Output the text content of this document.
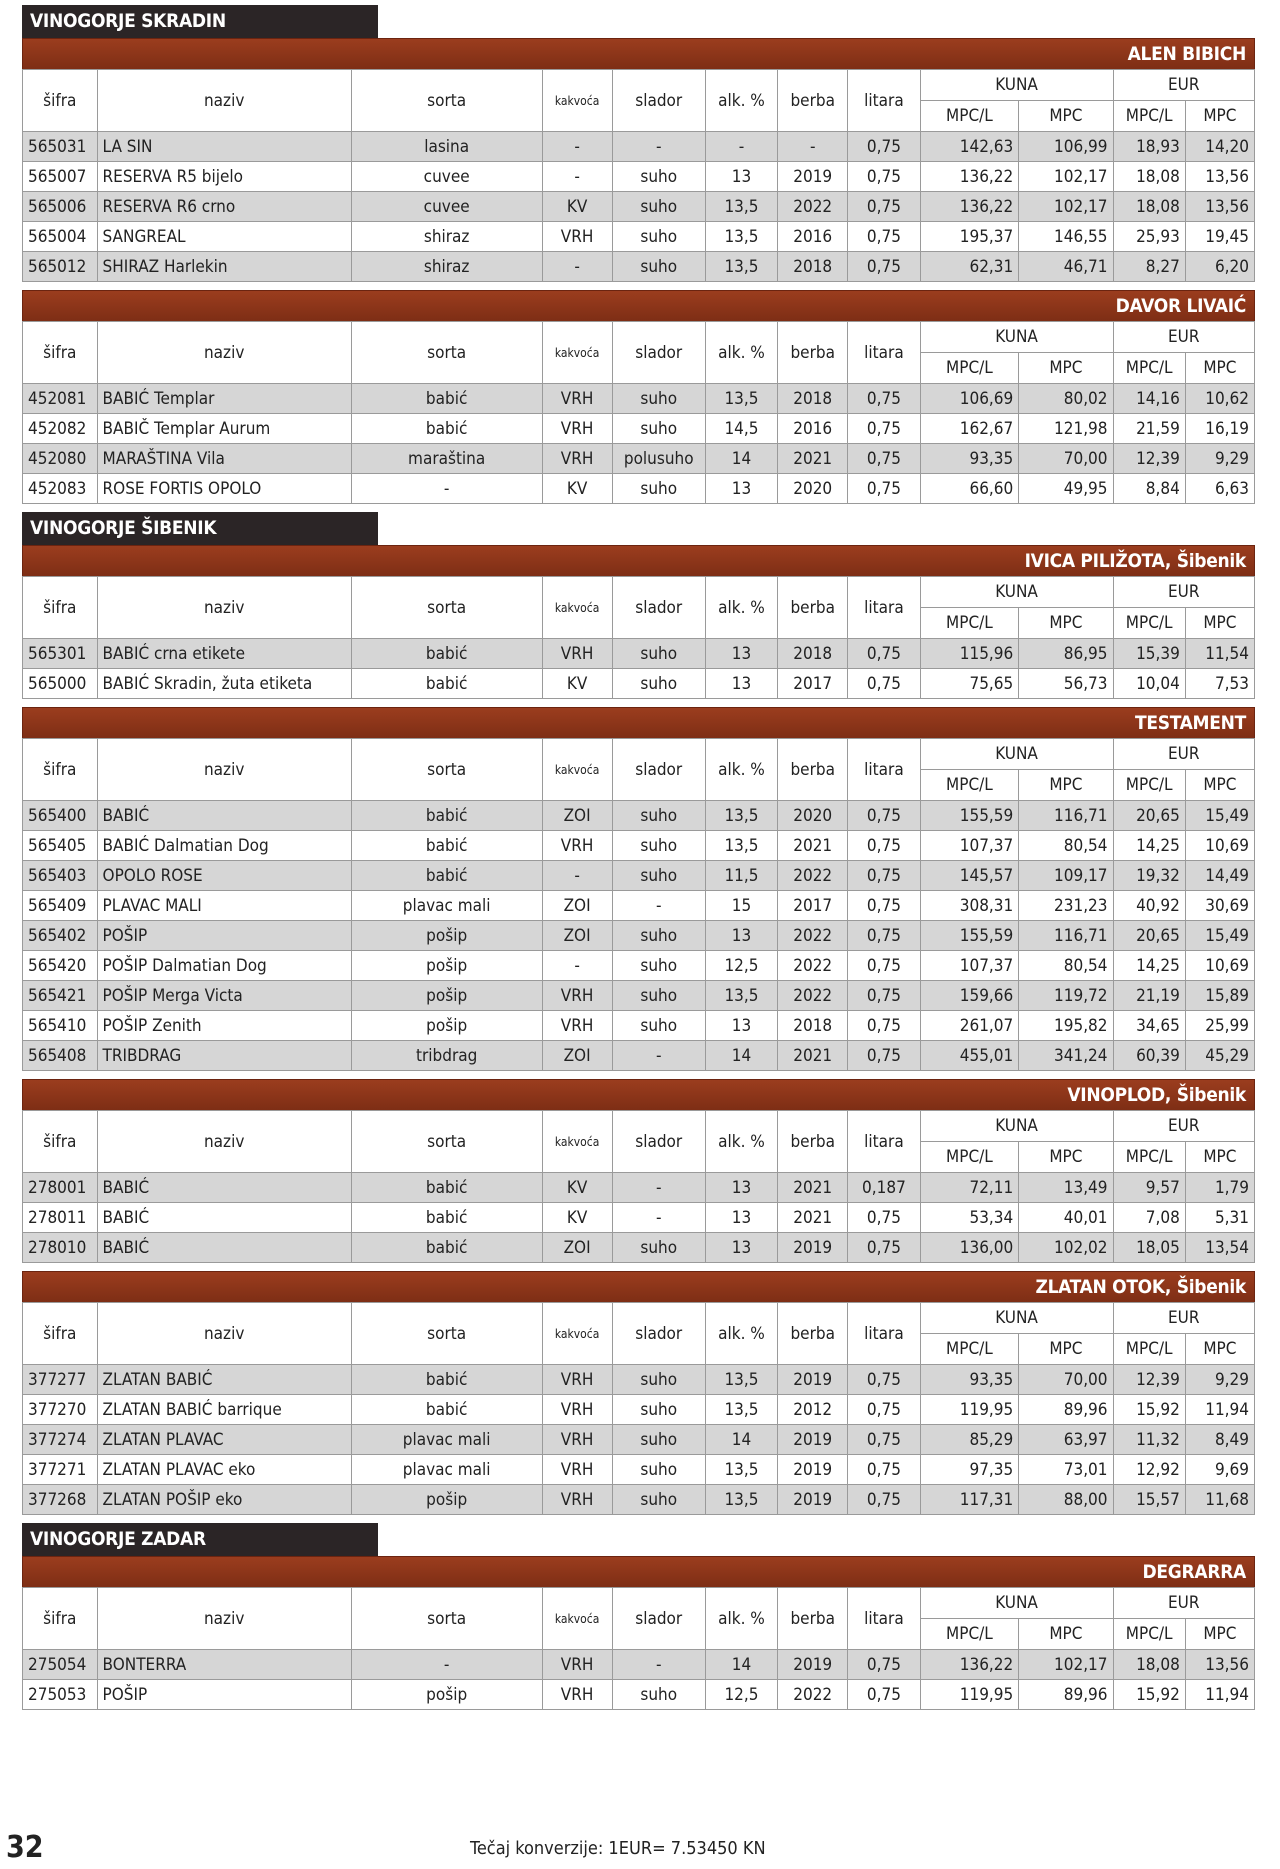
VINOGORJE SKRADIN
ALEN BIBICH
šifra	naziv	sorta	kakvoća	slador	alk. %	berba	litara	KUNA		EUR	
								MPC/L	MPC	MPC/L	MPC
565031	LA SIN	lasina	-	-	-	-	0,75	142,63	106,99	18,93	14,20
565007	RESERVA R5 bijelo	cuvee	-	suho	13	2019	0,75	136,22	102,17	18,08	13,56
565006	RESERVA R6 crno	cuvee	KV	suho	13,5	2022	0,75	136,22	102,17	18,08	13,56
565004	SANGREAL	shiraz	VRH	suho	13,5	2016	0,75	195,37	146,55	25,93	19,45
565012	SHIRAZ Harlekin	shiraz	-	suho	13,5	2018	0,75	62,31	46,71	8,27	6,20
DAVOR LIVAIĆ
šifra	naziv	sorta	kakvoća	slador	alk. %	berba	litara	KUNA		EUR	
								MPC/L	MPC	MPC/L	MPC
452081	BABIĆ Templar	babić	VRH	suho	13,5	2018	0,75	106,69	80,02	14,16	10,62
452082	BABIČ Templar Aurum	babić	VRH	suho	14,5	2016	0,75	162,67	121,98	21,59	16,19
452080	MARAŠTINA Vila	maraština	VRH	polusuho	14	2021	0,75	93,35	70,00	12,39	9,29
452083	ROSE FORTIS OPOLO	-	KV	suho	13	2020	0,75	66,60	49,95	8,84	6,63
VINOGORJE ŠIBENIK
IVICA PILIŽOTA, Šibenik
šifra	naziv	sorta	kakvoća	slador	alk. %	berba	litara	KUNA		EUR	
								MPC/L	MPC	MPC/L	MPC
565301	BABIĆ crna etikete	babić	VRH	suho	13	2018	0,75	115,96	86,95	15,39	11,54
565000	BABIĆ Skradin, žuta etiketa	babić	KV	suho	13	2017	0,75	75,65	56,73	10,04	7,53
TESTAMENT
šifra	naziv	sorta	kakvoća	slador	alk. %	berba	litara	KUNA		EUR	
								MPC/L	MPC	MPC/L	MPC
565400	BABIĆ	babić	ZOI	suho	13,5	2020	0,75	155,59	116,71	20,65	15,49
565405	BABIĆ Dalmatian Dog	babić	VRH	suho	13,5	2021	0,75	107,37	80,54	14,25	10,69
565403	OPOLO ROSE	babić	-	suho	11,5	2022	0,75	145,57	109,17	19,32	14,49
565409	PLAVAC MALI	plavac mali	ZOI	-	15	2017	0,75	308,31	231,23	40,92	30,69
565402	POŠIP	pošip	ZOI	suho	13	2022	0,75	155,59	116,71	20,65	15,49
565420	POŠIP Dalmatian Dog	pošip	-	suho	12,5	2022	0,75	107,37	80,54	14,25	10,69
565421	POŠIP Merga Victa	pošip	VRH	suho	13,5	2022	0,75	159,66	119,72	21,19	15,89
565410	POŠIP Zenith	pošip	VRH	suho	13	2018	0,75	261,07	195,82	34,65	25,99
565408	TRIBDRAG	tribdrag	ZOI	-	14	2021	0,75	455,01	341,24	60,39	45,29
VINOPLOD, Šibenik
šifra	naziv	sorta	kakvoća	slador	alk. %	berba	litara	KUNA		EUR	
								MPC/L	MPC	MPC/L	MPC
278001	BABIĆ	babić	KV	-	13	2021	0,187	72,11	13,49	9,57	1,79
278011	BABIĆ	babić	KV	-	13	2021	0,75	53,34	40,01	7,08	5,31
278010	BABIĆ	babić	ZOI	suho	13	2019	0,75	136,00	102,02	18,05	13,54
ZLATAN OTOK, Šibenik
šifra	naziv	sorta	kakvoća	slador	alk. %	berba	litara	KUNA		EUR	
								MPC/L	MPC	MPC/L	MPC
377277	ZLATAN BABIĆ	babić	VRH	suho	13,5	2019	0,75	93,35	70,00	12,39	9,29
377270	ZLATAN BABIĆ barrique	babić	VRH	suho	13,5	2012	0,75	119,95	89,96	15,92	11,94
377274	ZLATAN PLAVAC	plavac mali	VRH	suho	14	2019	0,75	85,29	63,97	11,32	8,49
377271	ZLATAN PLAVAC eko	plavac mali	VRH	suho	13,5	2019	0,75	97,35	73,01	12,92	9,69
377268	ZLATAN POŠIP eko	pošip	VRH	suho	13,5	2019	0,75	117,31	88,00	15,57	11,68
VINOGORJE ZADAR
DEGRARRA
šifra	naziv	sorta	kakvoća	slador	alk. %	berba	litara	KUNA		EUR	
								MPC/L	MPC	MPC/L	MPC
275054	BONTERRA	-	VRH	-	14	2019	0,75	136,22	102,17	18,08	13,56
275053	POŠIP	pošip	VRH	suho	12,5	2022	0,75	119,95	89,96	15,92	11,94
32	Tečaj konverzije: 1EUR= 7.53450 KN
